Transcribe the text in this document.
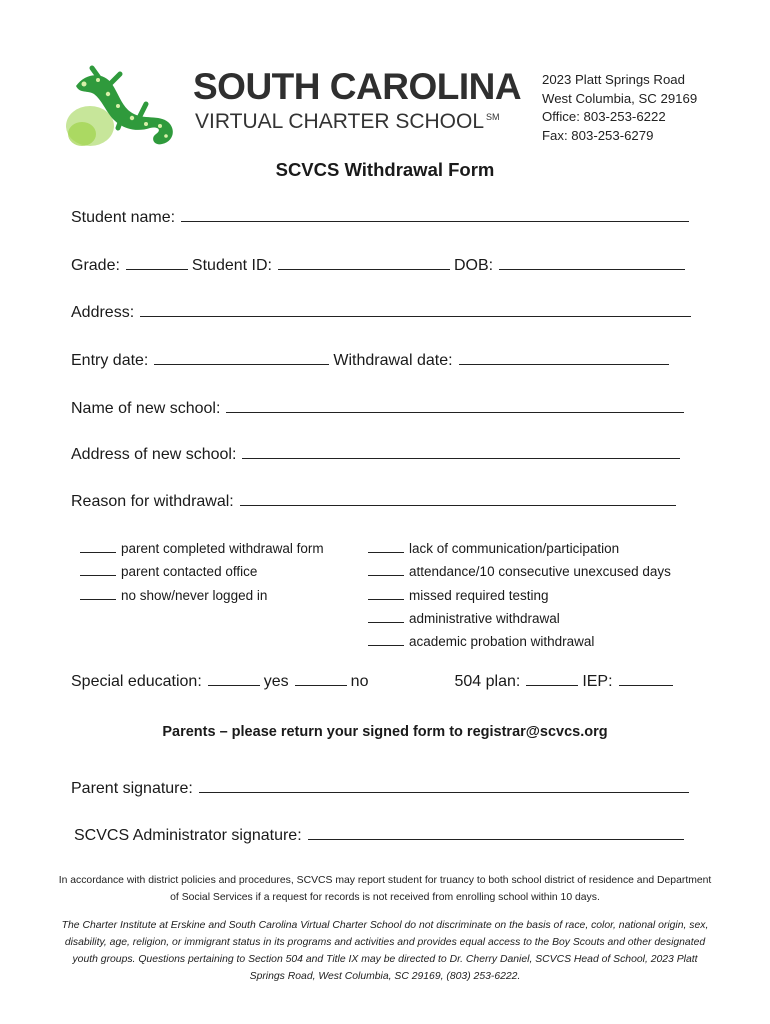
SOUTH CAROLINA
VIRTUAL CHARTER SCHOOL ℠
2023 Platt Springs Road
West Columbia, SC 29169
Office: 803-253-6222
Fax: 803-253-6279
SCVCS Withdrawal Form
Student name:
Grade:	Student ID:	DOB:
Address:
Entry date:	Withdrawal date:
Name of new school:
Address of new school:
Reason for withdrawal:
parent completed withdrawal form
parent contacted office
no show/never logged in
lack of communication/participation
attendance/10 consecutive unexcused days
missed required testing
administrative withdrawal
academic probation withdrawal
Special education:	yes	no	504 plan:	IEP:
Parents – please return your signed form to registrar@scvcs.org
Parent signature:
SCVCS Administrator signature:
In accordance with district policies and procedures, SCVCS may report student for truancy to both school district of residence and Department of Social Services if a request for records is not received from enrolling school within 10 days.
The Charter Institute at Erskine and South Carolina Virtual Charter School do not discriminate on the basis of race, color, national origin, sex, disability, age, religion, or immigrant status in its programs and activities and provides equal access to the Boy Scouts and other designated youth groups. Questions pertaining to Section 504 and Title IX may be directed to Dr. Cherry Daniel, SCVCS Head of School, 2023 Platt Springs Road, West Columbia, SC 29169, (803) 253-6222.
